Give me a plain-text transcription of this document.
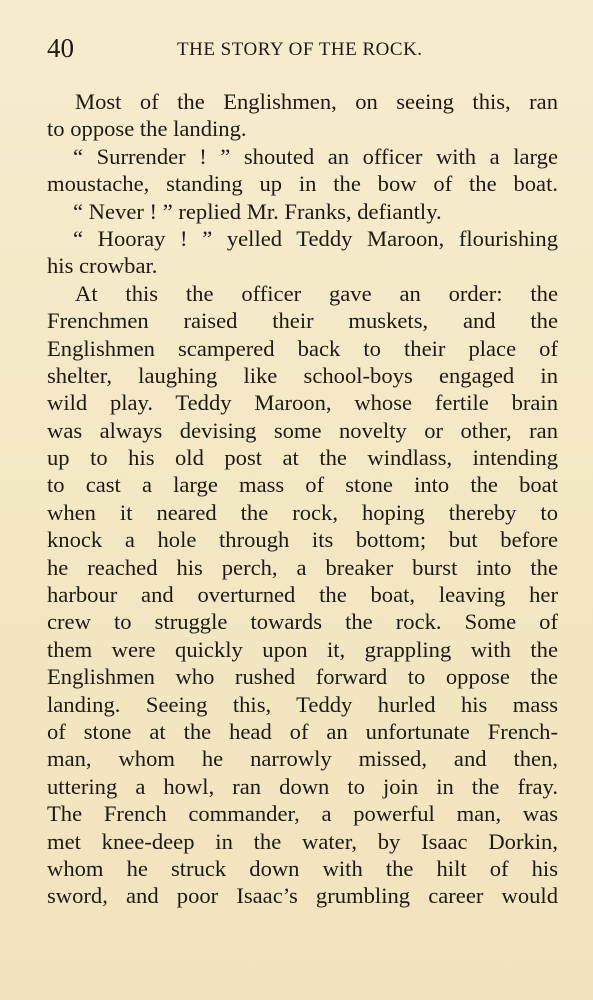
40	THE STORY OF THE ROCK.
Most of the Englishmen, on seeing this, ran
to oppose the landing.
“ Surrender ! ” shouted an officer with a large
moustache, standing up in the bow of the boat.
“ Never ! ” replied Mr. Franks, defiantly.
“ Hooray ! ” yelled Teddy Maroon, flourishing
his crowbar.
At this the officer gave an order: the
Frenchmen raised their muskets, and the
Englishmen scampered back to their place of
shelter, laughing like school-boys engaged in
wild play. Teddy Maroon, whose fertile brain
was always devising some novelty or other, ran
up to his old post at the windlass, intending
to cast a large mass of stone into the boat
when it neared the rock, hoping thereby to
knock a hole through its bottom; but before
he reached his perch, a breaker burst into the
harbour and overturned the boat, leaving her
crew to struggle towards the rock. Some of
them were quickly upon it, grappling with the
Englishmen who rushed forward to oppose the
landing. Seeing this, Teddy hurled his mass
of stone at the head of an unfortunate French-
man, whom he narrowly missed, and then,
uttering a howl, ran down to join in the fray.
The French commander, a powerful man, was
met knee-deep in the water, by Isaac Dorkin,
whom he struck down with the hilt of his
sword, and poor Isaac’s grumbling career would
